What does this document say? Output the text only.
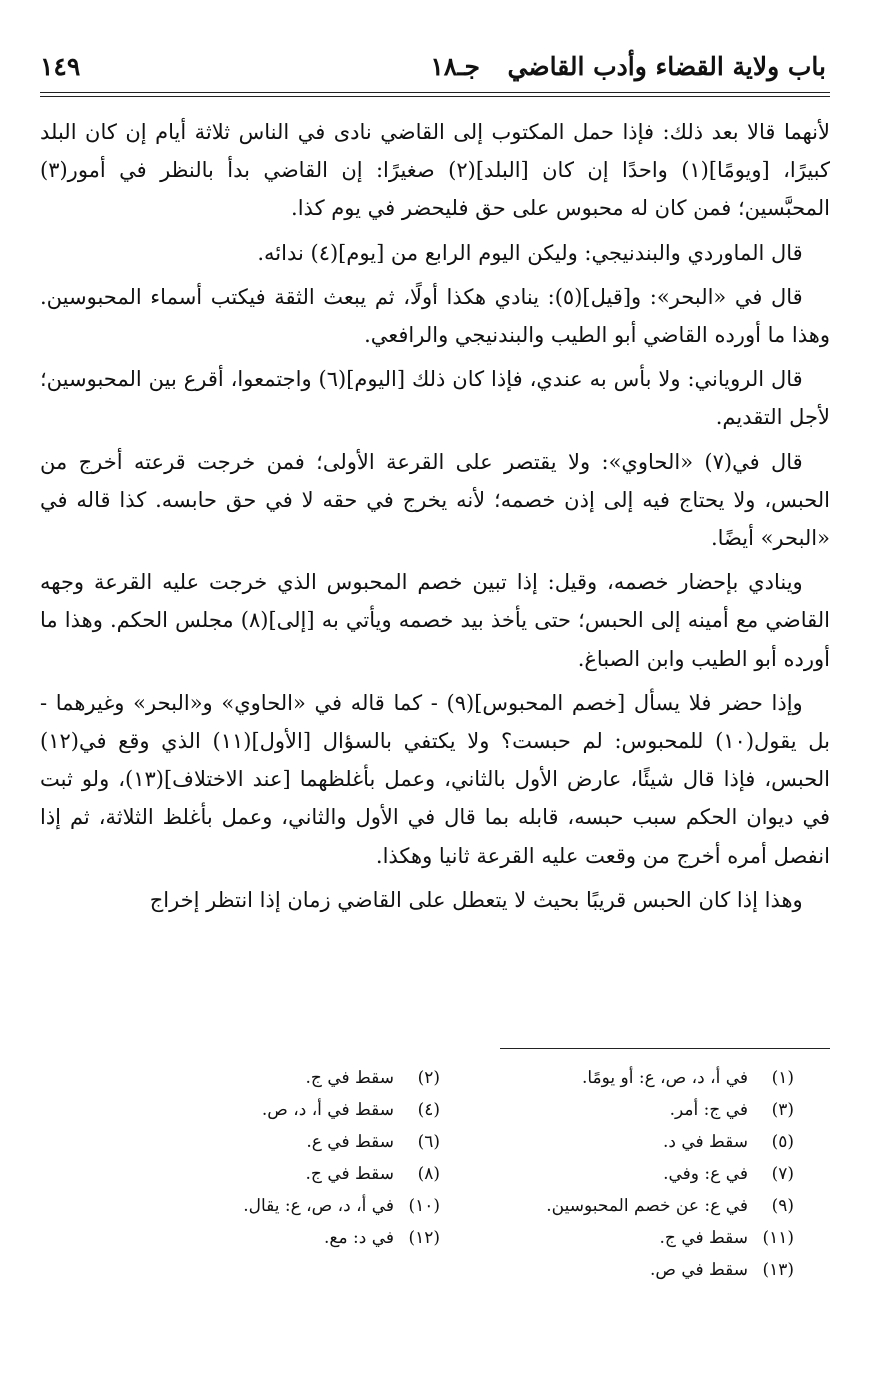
باب ولاية القضاء وأدب القاضي
جـ١٨
١٤٩

لأنهما قالا بعد ذلك: فإذا حمل المكتوب إلى القاضي نادى في الناس ثلاثة أيام إن كان البلد كبيرًا، [ويومًا](١) واحدًا إن كان [البلد](٢) صغيرًا: إن القاضي بدأ بالنظر في أمور(٣) المحبَّسين؛ فمن كان له محبوس على حق فليحضر في يوم كذا.

قال الماوردي والبندنيجي: وليكن اليوم الرابع من [يوم](٤) ندائه.

قال في «البحر»: و[قيل](٥): ينادي هكذا أولًا، ثم يبعث الثقة فيكتب أسماء المحبوسين. وهذا ما أورده القاضي أبو الطيب والبندنيجي والرافعي.

قال الروياني: ولا بأس به عندي، فإذا كان ذلك [اليوم](٦) واجتمعوا، أقرع بين المحبوسين؛ لأجل التقديم.

قال في(٧) «الحاوي»: ولا يقتصر على القرعة الأولى؛ فمن خرجت قرعته أخرج من الحبس، ولا يحتاج فيه إلى إذن خصمه؛ لأنه يخرج في حقه لا في حق حابسه. كذا قاله في «البحر» أيضًا.

وينادي بإحضار خصمه، وقيل: إذا تبين خصم المحبوس الذي خرجت عليه القرعة وجهه القاضي مع أمينه إلى الحبس؛ حتى يأخذ بيد خصمه ويأتي به [إلى](٨) مجلس الحكم. وهذا ما أورده أبو الطيب وابن الصباغ.

وإذا حضر فلا يسأل [خصم المحبوس](٩) - كما قاله في «الحاوي» و«البحر» وغيرهما - بل يقول(١٠) للمحبوس: لم حبست؟ ولا يكتفي بالسؤال [الأول](١١) الذي وقع في(١٢) الحبس، فإذا قال شيئًا، عارض الأول بالثاني، وعمل بأغلظهما [عند الاختلاف](١٣)، ولو ثبت في ديوان الحكم سبب حبسه، قابله بما قال في الأول والثاني، وعمل بأغلظ الثلاثة، ثم إذا انفصل أمره أخرج من وقعت عليه القرعة ثانيا وهكذا.

وهذا إذا كان الحبس قريبًا بحيث لا يتعطل على القاضي زمان إذا انتظر إخراج

(١)في أ، د، ص، ع: أو يومًا.
(٣)في ج: أمر.
(٥)سقط في د.
(٧)في ع: وفي.
(٩)في ع: عن خصم المحبوسين.
(١١)سقط في ج.
(١٣)سقط في ص.
(٢)سقط في ج.
(٤)سقط في أ، د، ص.
(٦)سقط في ع.
(٨)سقط في ج.
(١٠)في أ، د، ص، ع: يقال.
(١٢)في د: مع.
